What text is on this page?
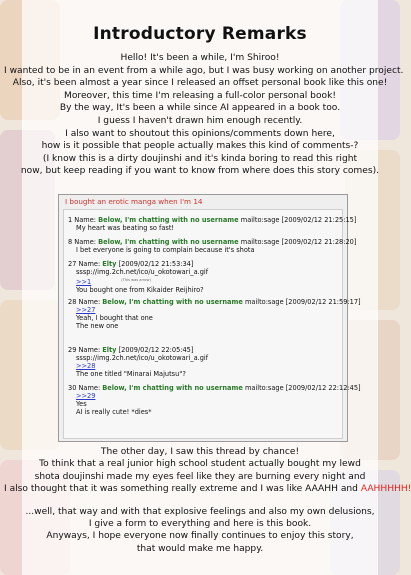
Introductory Remarks
Hello! It's been a while, I'm Shiroo!
I wanted to be in an event from a while ago, but I was busy working on another project.
Also, it's been almost a year since I released an offset personal book like this one!
Moreover, this time I'm releasing a full-color personal book!
By the way, It's been a while since AI appeared in a book too.
I guess I haven't drawn him enough recently.
I also want to shoutout this opinions/comments down here,
how is it possible that people actually makes this kind of comments-?
(I know this is a dirty doujinshi and it's kinda boring to read this right
now, but keep reading if you want to know from where does this story comes).
I bought an erotic manga when I'm 14
1 Name: Below, I'm chatting with no username mailto:sage [2009/02/12 21:25:15]
My heart was beating so fast!
8 Name: Below, I'm chatting with no username mailto:sage [2009/02/12 21:28:20]
I bet everyone is going to complain because it's shota
27 Name: Elty [2009/02/12 21:53:34]
sssp://img.2ch.net/ico/u_okotowari_a.gif
>>1	$^{(This was arrow)}$
You bought one from Kikaider Reijhiro?
28 Name: Below, I'm chatting with no username mailto:sage [2009/02/12 21:59:17]
>>27
Yeah, I bought that one
The new one
29 Name: Elty [2009/02/12 22:05:45]
sssp://img.2ch.net/ico/u_okotowari_a.gif
>>28
The one titled "Minarai Majutsu"?
30 Name: Below, I'm chatting with no username mailto:sage [2009/02/12 22:12:45]
>>29
Yes
AI is really cute! *dies*
The other day, I saw this thread by chance!
To think that a real junior high school student actually bought my lewd
shota doujinshi made my eyes feel like they are burning every night and
I also thought that it was something really extreme and I was like AAAHH and AAHHHHH!
...well, that way and with that explosive feelings and also my own delusions,
I give a form to everything and here is this book.
Anyways, I hope everyone now finally continues to enjoy this story,
that would make me happy.
